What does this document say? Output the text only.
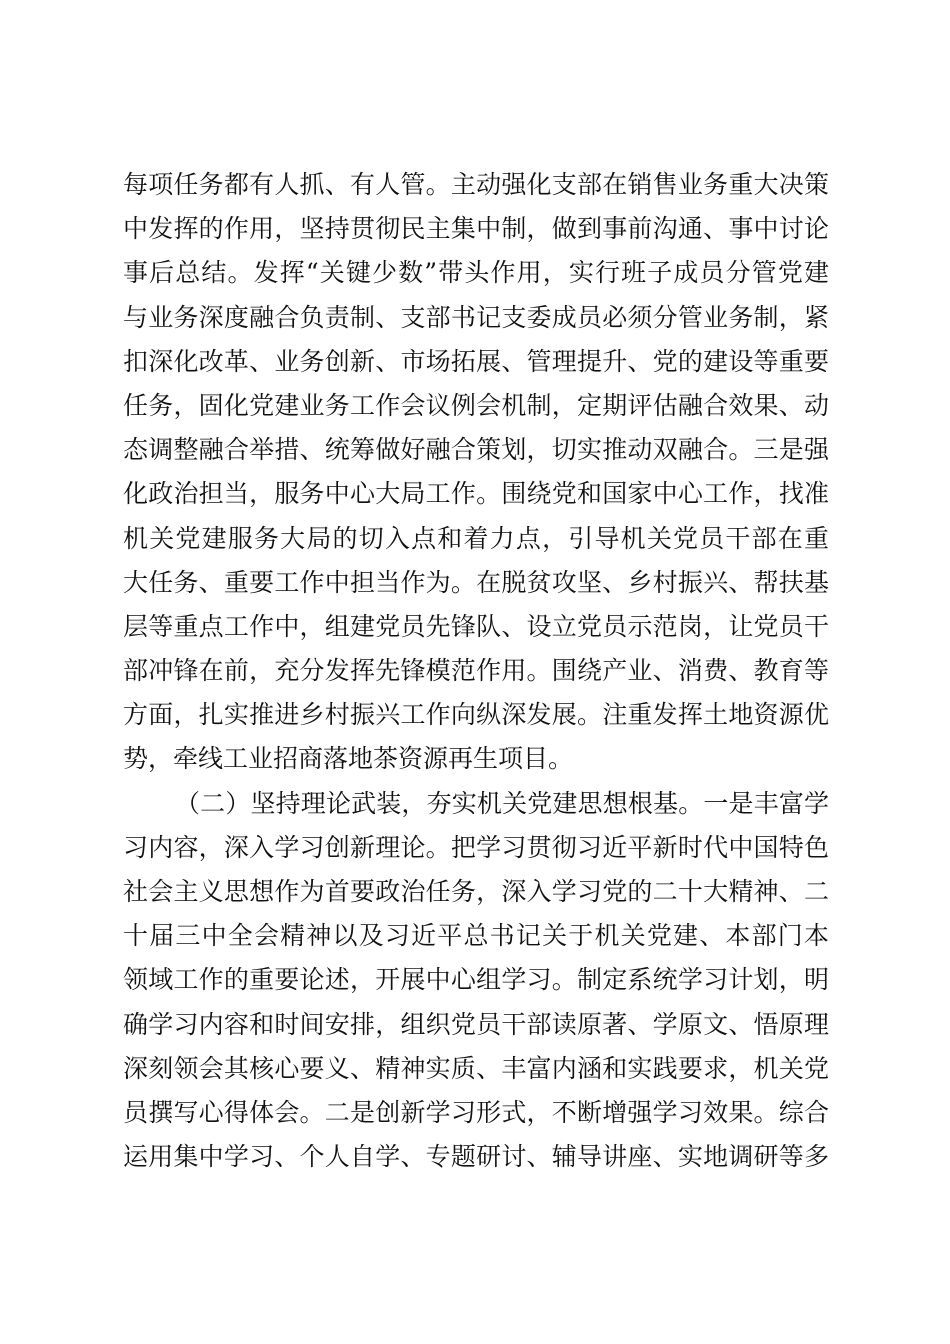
每项任务都有人抓、有人管。主动强化支部在销售业务重大决策
中发挥的作用，坚持贯彻民主集中制，做到事前沟通、事中讨论
事后总结。发挥“关键少数”带头作用，实行班子成员分管党建
与业务深度融合负责制、支部书记支委成员必须分管业务制，紧
扣深化改革、业务创新、市场拓展、管理提升、党的建设等重要
任务，固化党建业务工作会议例会机制，定期评估融合效果、动
态调整融合举措、统筹做好融合策划，切实推动双融合。三是强
化政治担当，服务中心大局工作。围绕党和国家中心工作，找准
机关党建服务大局的切入点和着力点，引导机关党员干部在重
大任务、重要工作中担当作为。在脱贫攻坚、乡村振兴、帮扶基
层等重点工作中，组建党员先锋队、设立党员示范岗，让党员干
部冲锋在前，充分发挥先锋模范作用。围绕产业、消费、教育等
方面，扎实推进乡村振兴工作向纵深发展。注重发挥土地资源优
势，牵线工业招商落地茶资源再生项目。
（二）坚持理论武装，夯实机关党建思想根基。一是丰富学
习内容，深入学习创新理论。把学习贯彻习近平新时代中国特色
社会主义思想作为首要政治任务，深入学习党的二十大精神、二
十届三中全会精神以及习近平总书记关于机关党建、本部门本
领域工作的重要论述，开展中心组学习。制定系统学习计划，明
确学习内容和时间安排，组织党员干部读原著、学原文、悟原理
深刻领会其核心要义、精神实质、丰富内涵和实践要求，机关党
员撰写心得体会。二是创新学习形式，不断增强学习效果。综合
运用集中学习、个人自学、专题研讨、辅导讲座、实地调研等多
